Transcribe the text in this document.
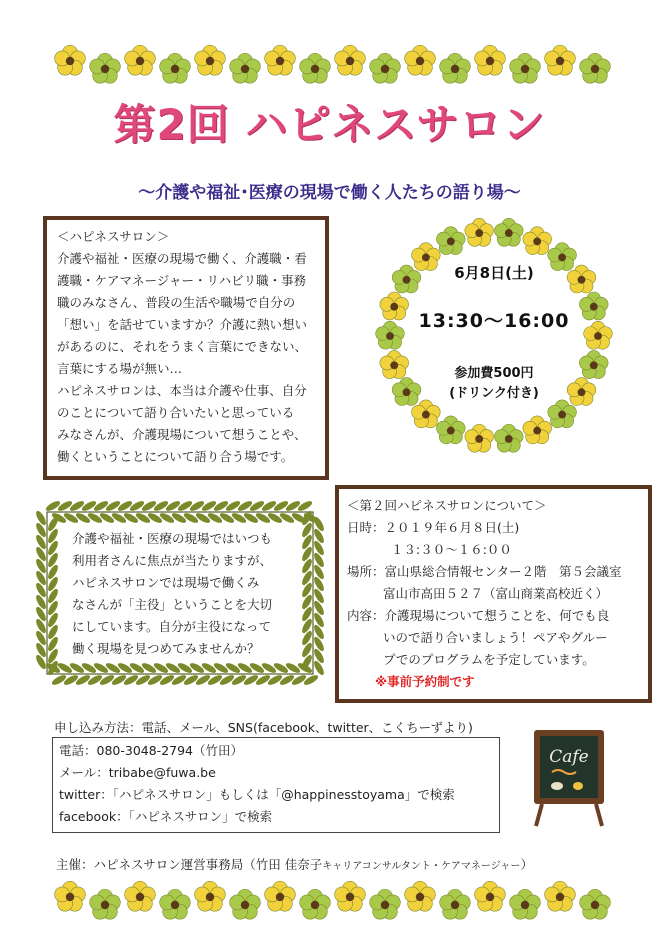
第2回 ハピネスサロン
～介護や福祉･医療の現場で働く人たちの語り場～

＜ハピネスサロン＞

介護や福祉・医療の現場で働く、介護職・看

護職・ケアマネージャー・リハビリ職・事務

職のみなさん、普段の生活や職場で自分の

「想い」を話せていますか？介護に熱い想い

があるのに、それをうまく言葉にできない、

言葉にする場が無い…

ハピネスサロンは、本当は介護や仕事、自分

のことについて語り合いたいと思っている

みなさんが、介護現場について想うことや、

働くということについて語り合う場です。

6月8日(土)
13:30～16:00
参加費500円
(ドリンク付き)

介護や福祉・医療の現場ではいつも

利用者さんに焦点が当たりますが、

ハピネスサロンでは現場で働くみ

なさんが「主役」ということを大切

にしています。自分が主役になって

働く現場を見つめてみませんか？

＜第２回ハピネスサロンについて＞

日時：２０１９年６月８日(土)

１３:３０～１６:００

場所：富山県総合情報センター２階　第５会議室

富山市高田５２７（富山商業高校近く）

内容：介護現場について想うことを、何でも良

いので語り合いましょう！ペアやグルー

プでのプログラムを予定しています。

※事前予約制です

申し込み方法：電話、メール、SNS(facebook、twitter、こくちーずより)

電話：080-3048-2794（竹田）

メール：tribabe@fuwa.be

twitter：「ハピネスサロン」もしくは「@happinesstoyama」で検索

facebook：「ハピネスサロン」で検索

Cafe
主催：ハピネスサロン運営事務局（竹田 佳奈子キャリアコンサルタント・ケアマネージャー）
